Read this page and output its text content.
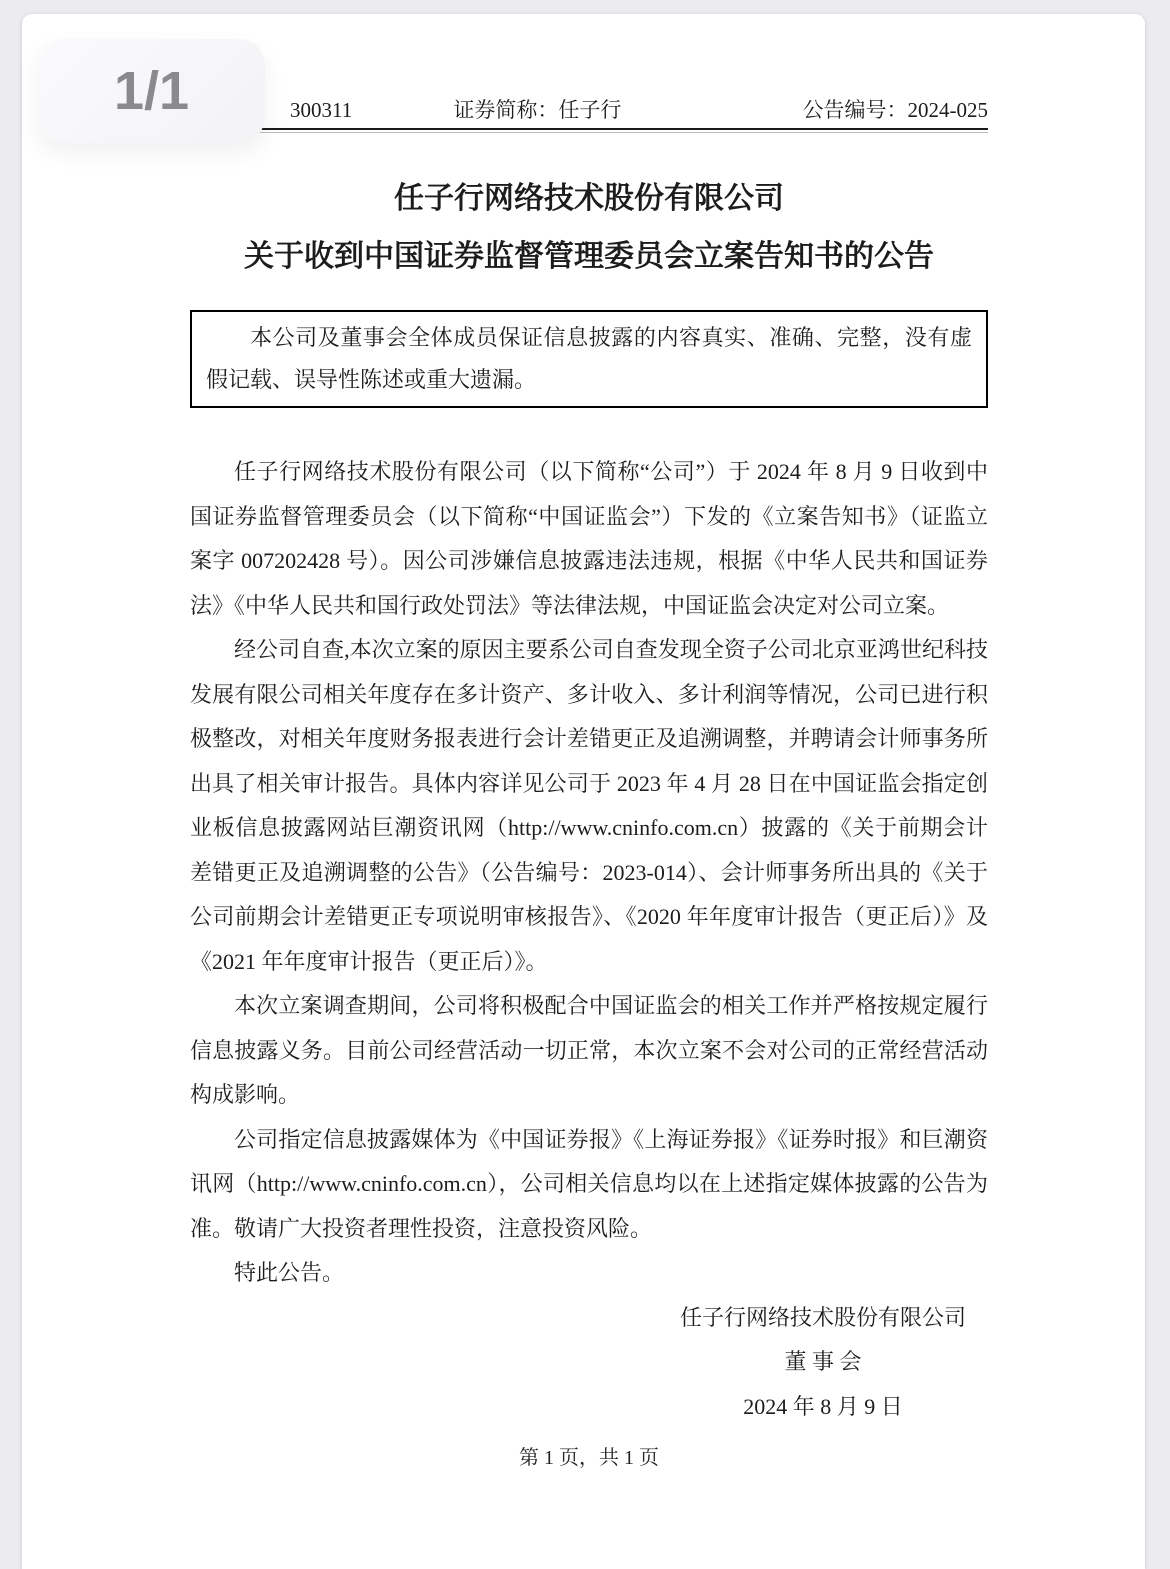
1/1	300311	证券简称：任子行	公告编号：2024-025
任子行网络技术股份有限公司
关于收到中国证券监督管理委员会立案告知书的公告

本公司及董事会全体成员保证信息披露的内容真实、准确、完整，没有虚假记载、误导性陈述或重大遗漏。

任子行网络技术股份有限公司（以下简称“公司”）于 2024 年 8 月 9 日收到中国证券监督管理委员会（以下简称“中国证监会”）下发的《立案告知书》（证监立案字 007202428 号）。因公司涉嫌信息披露违法违规，根据《中华人民共和国证券法》《中华人民共和国行政处罚法》等法律法规，中国证监会决定对公司立案。

经公司自查,本次立案的原因主要系公司自查发现全资子公司北京亚鸿世纪科技发展有限公司相关年度存在多计资产、多计收入、多计利润等情况，公司已进行积极整改，对相关年度财务报表进行会计差错更正及追溯调整，并聘请会计师事务所出具了相关审计报告。具体内容详见公司于 2023 年 4 月 28 日在中国证监会指定创业板信息披露网站巨潮资讯网（http://www.cninfo.com.cn）披露的《关于前期会计差错更正及追溯调整的公告》（公告编号：2023-014）、会计师事务所出具的《关于公司前期会计差错更正专项说明审核报告》、《2020 年年度审计报告（更正后）》及《2021 年年度审计报告（更正后）》。

本次立案调查期间，公司将积极配合中国证监会的相关工作并严格按规定履行信息披露义务。目前公司经营活动一切正常，本次立案不会对公司的正常经营活动构成影响。

公司指定信息披露媒体为《中国证券报》《上海证券报》《证券时报》和巨潮资讯网（http://www.cninfo.com.cn），公司相关信息均以在上述指定媒体披露的公告为准。敬请广大投资者理性投资，注意投资风险。

特此公告。

任子行网络技术股份有限公司
董 事 会
2024 年 8 月 9 日
第 1 页，共 1 页
